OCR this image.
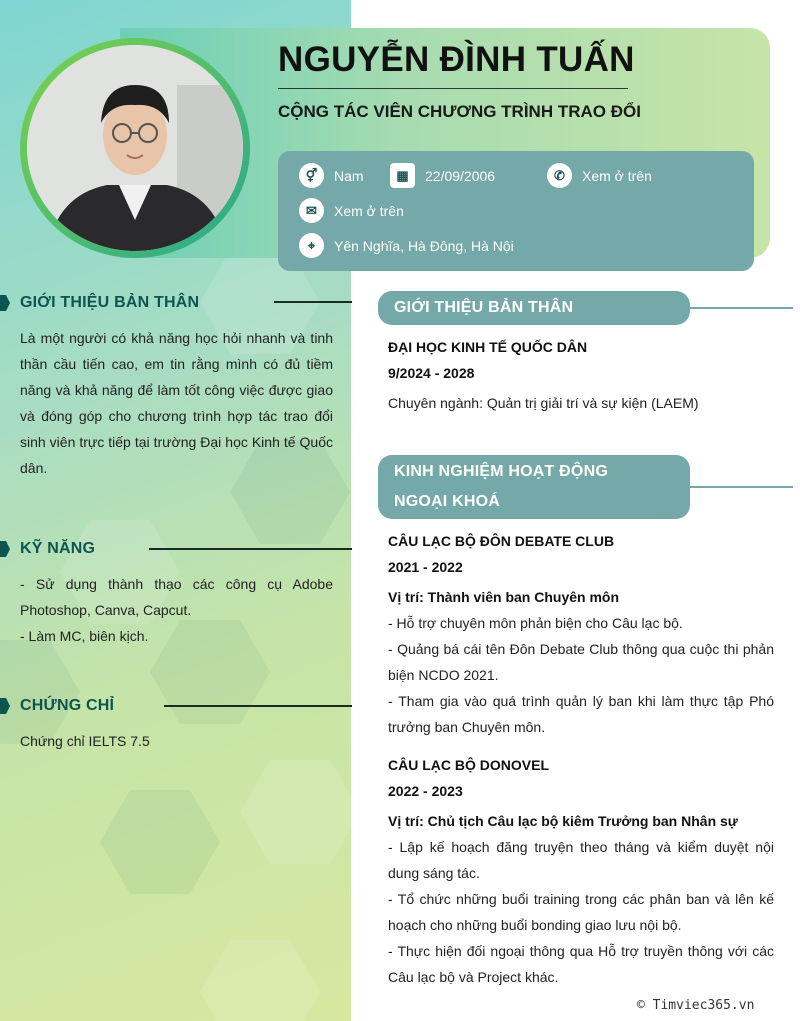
NGUYỄN ĐÌNH TUẤN
CỘNG TÁC VIÊN CHƯƠNG TRÌNH TRAO ĐỔI
⚥	Nam	▦	22/09/2006	✆	Xem ở trên
✉	Xem ở trên
⌖	Yên Nghĩa, Hà Đông, Hà Nội
GIỚI THIỆU BẢN THÂN
Là một người có khả năng học hỏi nhanh và tinh thần cầu tiến cao, em tin rằng mình có đủ tiềm năng và khả năng để làm tốt công việc được giao và đóng góp cho chương trình hợp tác trao đổi sinh viên trực tiếp tại trường Đại học Kinh tế Quốc dân.
KỸ NĂNG
- Sử dụng thành thạo các công cụ Adobe Photoshop, Canva, Capcut.
- Làm MC, biên kịch.
CHỨNG CHỈ
Chứng chỉ IELTS 7.5
GIỚI THIỆU BẢN THÂN
ĐẠI HỌC KINH TẾ QUỐC DÂN
9/2024 - 2028
Chuyên ngành: Quản trị giải trí và sự kiện (LAEM)
KINH NGHIỆM HOẠT ĐỘNG
NGOẠI KHOÁ
CÂU LẠC BỘ ĐÔN DEBATE CLUB
2021 - 2022
Vị trí: Thành viên ban Chuyên môn
- Hỗ trợ chuyên môn phản biện cho Câu lạc bộ.
- Quảng bá cái tên Đôn Debate Club thông qua cuộc thi phản biện NCDO 2021.
- Tham gia vào quá trình quản lý ban khi làm thực tập Phó trưởng ban Chuyên môn.
CÂU LẠC BỘ DONOVEL
2022 - 2023
Vị trí: Chủ tịch Câu lạc bộ kiêm Trưởng ban Nhân sự
- Lập kế hoạch đăng truyện theo tháng và kiểm duyệt nội dung sáng tác.
- Tổ chức những buổi training trong các phân ban và lên kế hoạch cho những buổi bonding giao lưu nội bộ.
- Thực hiện đối ngoại thông qua Hỗ trợ truyền thông với các Câu lạc bộ và Project khác.
© Timviec365.vn
